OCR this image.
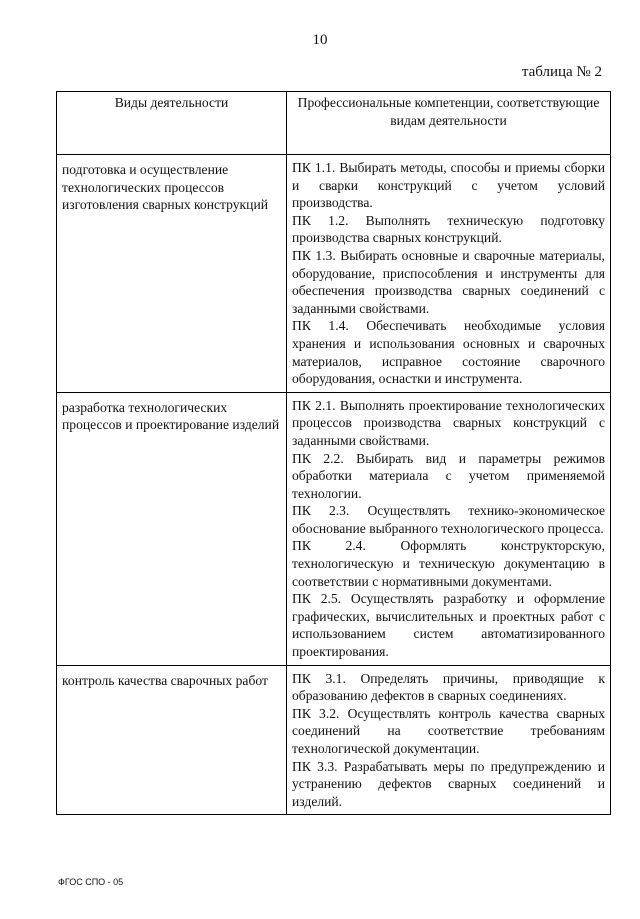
10
таблица № 2
Виды деятельности	Профессиональные компетенции, соответствующие видам деятельности
подготовка и осуществление технологических процессов изготовления сварных конструкций	ПК 1.1. Выбирать методы, способы и приемы сборки и сварки конструкций с учетом условий производства.
ПК 1.2. Выполнять техническую подготовку производства сварных конструкций.
ПК 1.3. Выбирать основные и сварочные материалы, оборудование, приспособления и инструменты для обеспечения производства сварных соединений с заданными свойствами.
ПК 1.4. Обеспечивать необходимые условия хранения и использования основных и сварочных материалов, исправное состояние сварочного оборудования, оснастки и инструмента.

разработка технологических процессов и проектирование изделий	ПК 2.1. Выполнять проектирование технологических процессов производства сварных конструкций с заданными свойствами.
ПК 2.2. Выбирать вид и параметры режимов обработки материала с учетом применяемой технологии.
ПК 2.3. Осуществлять технико-экономическое обоснование выбранного технологического процесса.
ПК 2.4. Оформлять конструкторскую, технологическую и техническую документацию в соответствии с нормативными документами.
ПК 2.5. Осуществлять разработку и оформление графических, вычислительных и проектных работ с использованием систем автоматизированного проектирования.

контроль качества сварочных работ	ПК 3.1. Определять причины, приводящие к образованию дефектов в сварных соединениях.
ПК 3.2. Осуществлять контроль качества сварных соединений на соответствие требованиям технологической документации.
ПК 3.3. Разрабатывать меры по предупреждению и устранению дефектов сварных соединений и изделий.
ФГОС СПО - 05
